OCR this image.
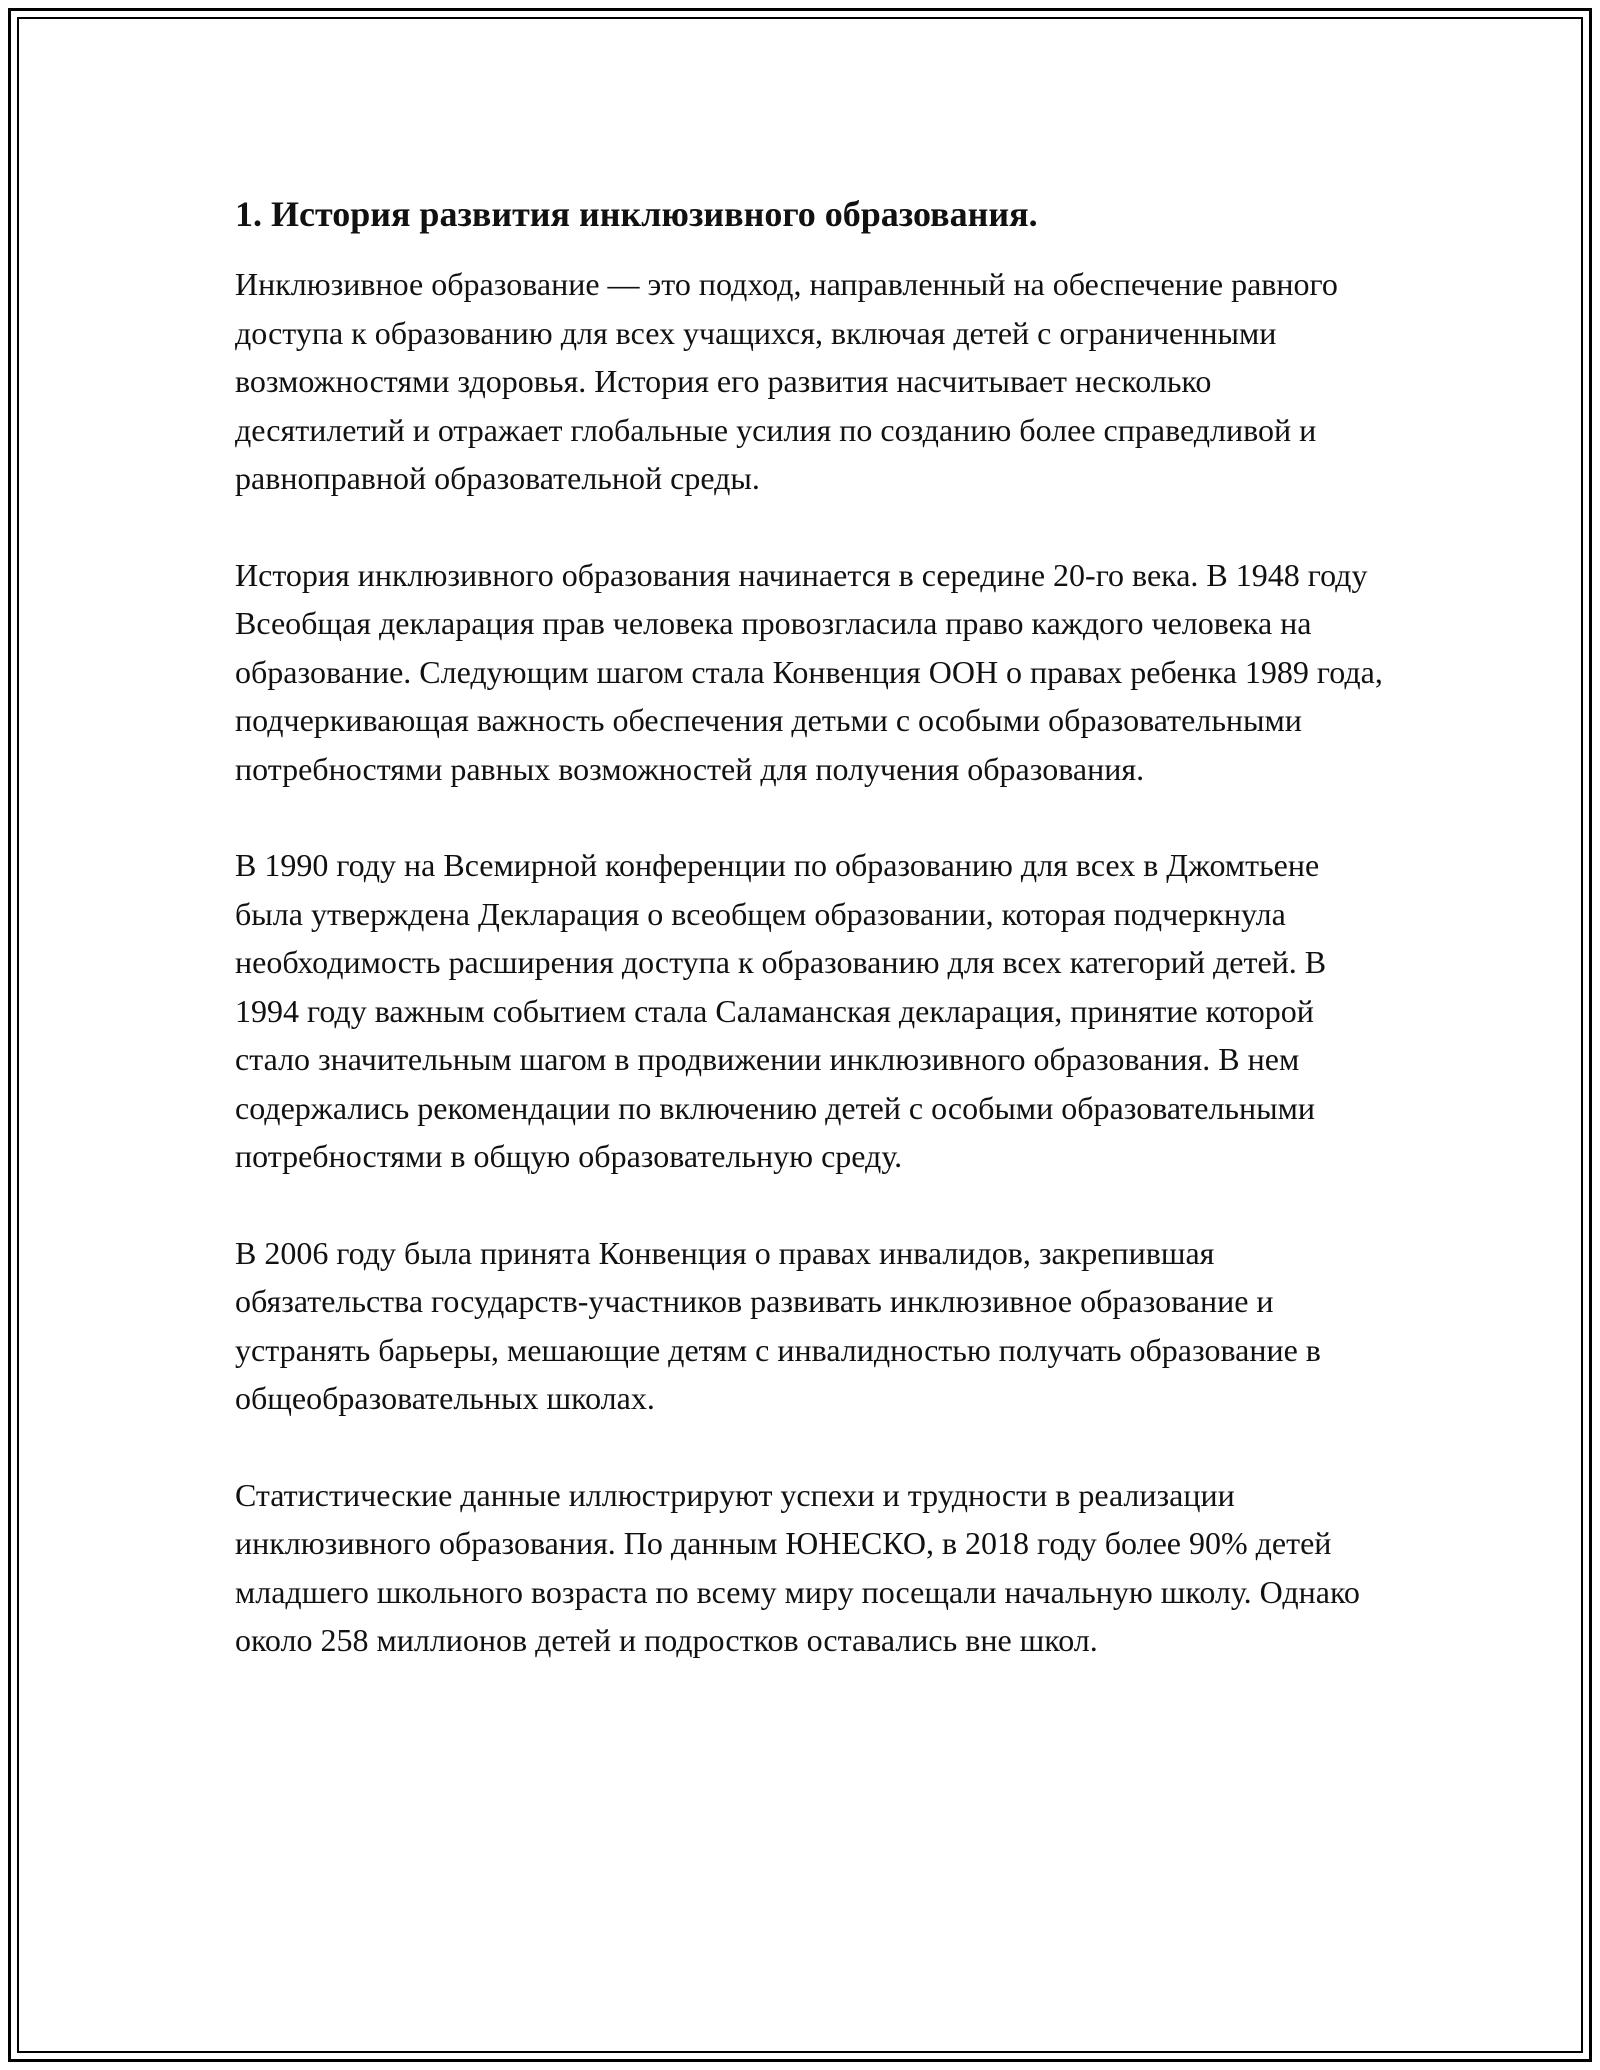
1. История развития инклюзивного образования.

Инклюзивное образование — это подход, направленный на обеспечение равного доступа к образованию для всех учащихся, включая детей с ограниченными возможностями здоровья. История его развития насчитывает несколько десятилетий и отражает глобальные усилия по созданию более справедливой и равноправной образовательной среды.

История инклюзивного образования начинается в середине 20-го века. В 1948 году Всеобщая декларация прав человека провозгласила право каждого человека на образование. Следующим шагом стала Конвенция ООН о правах ребенка 1989 года, подчеркивающая важность обеспечения детьми с особыми образовательными потребностями равных возможностей для получения образования.

В 1990 году на Всемирной конференции по образованию для всех в Джомтьене была утверждена Декларация о всеобщем образовании, которая подчеркнула необходимость расширения доступа к образованию для всех категорий детей. В 1994 году важным событием стала Саламанская декларация, принятие которой стало значительным шагом в продвижении инклюзивного образования. В нем содержались рекомендации по включению детей с особыми образовательными потребностями в общую образовательную среду.

В 2006 году была принята Конвенция о правах инвалидов, закрепившая обязательства государств-участников развивать инклюзивное образование и устранять барьеры, мешающие детям с инвалидностью получать образование в общеобразовательных школах.

Статистические данные иллюстрируют успехи и трудности в реализации инклюзивного образования. По данным ЮНЕСКО, в 2018 году более 90% детей младшего школьного возраста по всему миру посещали начальную школу. Однако около 258 миллионов детей и подростков оставались вне школ.
